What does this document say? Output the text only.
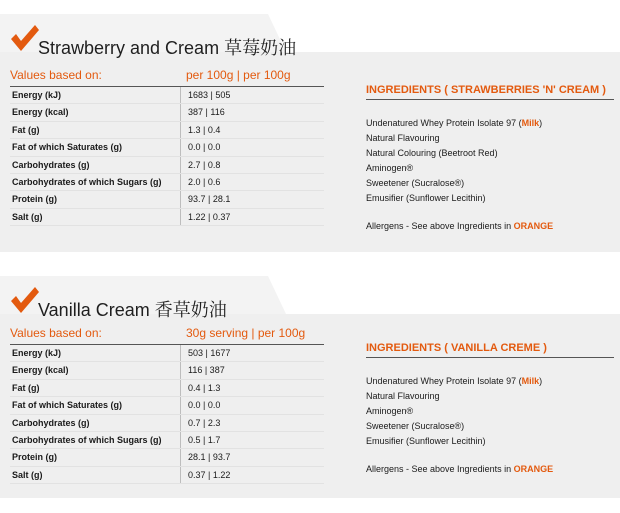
Strawberry and Cream 草莓奶油
Values based on:	per 100g | per 100g
Energy (kJ)	1683 | 505
Energy (kcal)	387 | 116
Fat (g)	1.3 | 0.4
Fat of which Saturates (g)	0.0 | 0.0
Carbohydrates (g)	2.7 | 0.8
Carbohydrates of which Sugars (g)	2.0 | 0.6
Protein (g)	93.7 | 28.1
Salt (g)	1.22 | 0.37
INGREDIENTS ( STRAWBERRIES 'N' CREAM )
Undenatured Whey Protein Isolate 97 (Milk)
Natural Flavouring
Natural Colouring (Beetroot Red)
Aminogen®
Sweetener (Sucralose®)
Emusifier (Sunflower Lecithin)
Allergens - See above Ingredients in ORANGE
Vanilla Cream 香草奶油
Values based on:	30g serving | per 100g
Energy (kJ)	503 | 1677
Energy (kcal)	116 | 387
Fat (g)	0.4 | 1.3
Fat of which Saturates (g)	0.0 | 0.0
Carbohydrates (g)	0.7 | 2.3
Carbohydrates of which Sugars (g)	0.5 | 1.7
Protein (g)	28.1 | 93.7
Salt (g)	0.37 | 1.22
INGREDIENTS ( VANILLA CREME )
Undenatured Whey Protein Isolate 97 (Milk)
Natural Flavouring
Aminogen®
Sweetener (Sucralose®)
Emusifier (Sunflower Lecithin)
Allergens - See above Ingredients in ORANGE
